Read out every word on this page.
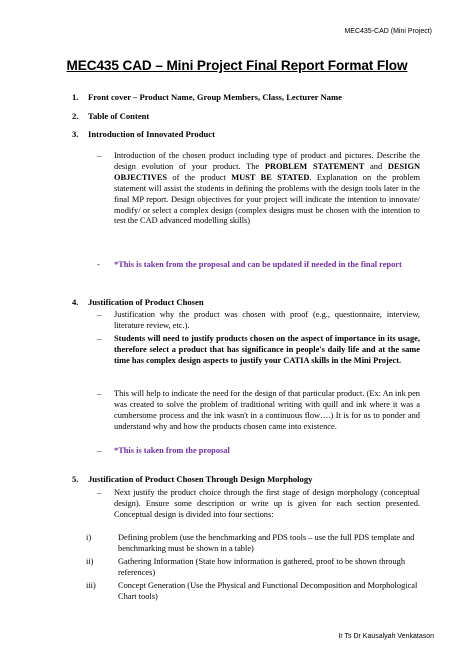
MEC435-CAD (Mini Project)
MEC435 CAD – Mini Project Final Report Format Flow
1. Front cover – Product Name, Group Members, Class, Lecturer Name
2. Table of Content
3. Introduction of Innovated Product
– Introduction of the chosen product including type of product and pictures. Describe the design evolution of your product. The PROBLEM STATEMENT and DESIGN OBJECTIVES of the product MUST BE STATED. Explanation on the problem statement will assist the students in defining the problems with the design tools later in the final MP report. Design objectives for your project will indicate the intention to innovate/ modify/ or select a complex design (complex designs must be chosen with the intention to test the CAD advanced modelling skills)
- *This is taken from the proposal and can be updated if needed in the final report
4. Justification of Product Chosen
– Justification why the product was chosen with proof (e.g., questionnaire, interview, literature review, etc.).
– Students will need to justify products chosen on the aspect of importance in its usage, therefore select a product that has significance in people's daily life and at the same time has complex design aspects to justify your CATIA skills in the Mini Project.
– This will help to indicate the need for the design of that particular product. (Ex: An ink pen was created to solve the problem of traditional writing with quill and ink where it was a cumbersome process and the ink wasn't in a continuous flow….) It is for us to ponder and understand why and how the products chosen came into existence.
– *This is taken from the proposal
5. Justification of Product Chosen Through Design Morphology
– Next justify the product choice through the first stage of design morphology (conceptual design). Ensure some description or write up is given for each section presented. Conceptual design is divided into four sections:
i)	Defining problem (use the benchmarking and PDS tools – use the full PDS template and benchmarking must be shown in a table)
ii)	Gathering Information (State how information is gathered, proof to be shown through references)
iii)	Concept Generation (Use the Physical and Functional Decomposition and Morphological Chart tools)
Ir Ts Dr Kausalyah Venkatason
